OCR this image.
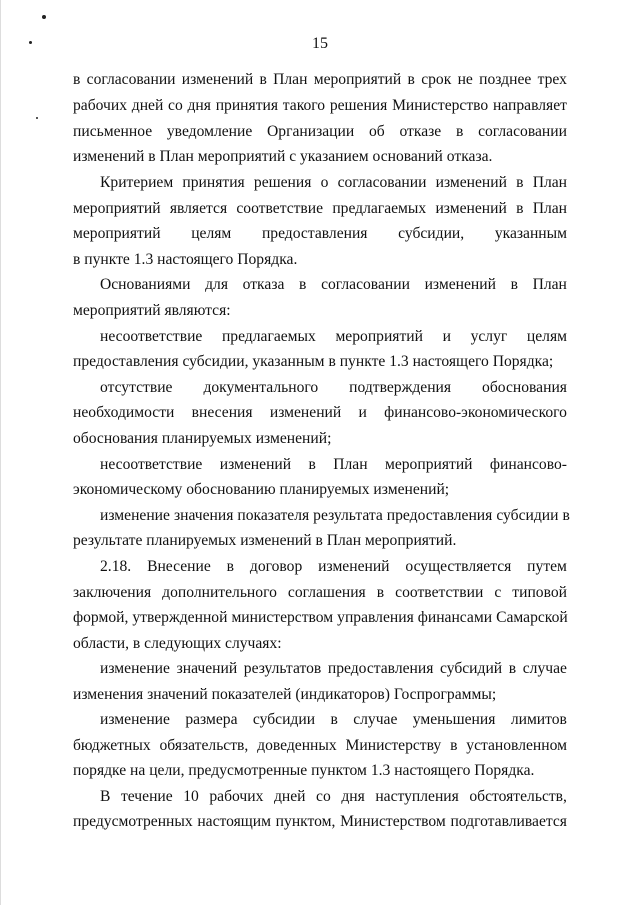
15
в согласовании изменений в План мероприятий в срок не позднее трех
рабочих дней со дня принятия такого решения Министерство направляет
письменное уведомление Организации об отказе в согласовании
изменений в План мероприятий с указанием оснований отказа.
Критерием принятия решения о согласовании изменений в План
мероприятий является соответствие предлагаемых изменений в План
мероприятий целям предоставления субсидии, указанным
в пункте 1.3 настоящего Порядка.
Основаниями для отказа в согласовании изменений в План
мероприятий являются:
несоответствие предлагаемых мероприятий и услуг целям
предоставления субсидии, указанным в пункте 1.3 настоящего Порядка;
отсутствие документального подтверждения обоснования
необходимости внесения изменений и финансово-экономического
обоснования планируемых изменений;
несоответствие изменений в План мероприятий финансово-
экономическому обоснованию планируемых изменений;
изменение значения показателя результата предоставления субсидии в
результате планируемых изменений в План мероприятий.
2.18. Внесение в договор изменений осуществляется путем
заключения дополнительного соглашения в соответствии с типовой
формой, утвержденной министерством управления финансами Самарской
области, в следующих случаях:
изменение значений результатов предоставления субсидий в случае
изменения значений показателей (индикаторов) Госпрограммы;
изменение размера субсидии в случае уменьшения лимитов
бюджетных обязательств, доведенных Министерству в установленном
порядке на цели, предусмотренные пунктом 1.3 настоящего Порядка.
В течение 10 рабочих дней со дня наступления обстоятельств,
предусмотренных настоящим пунктом, Министерством подготавливается
